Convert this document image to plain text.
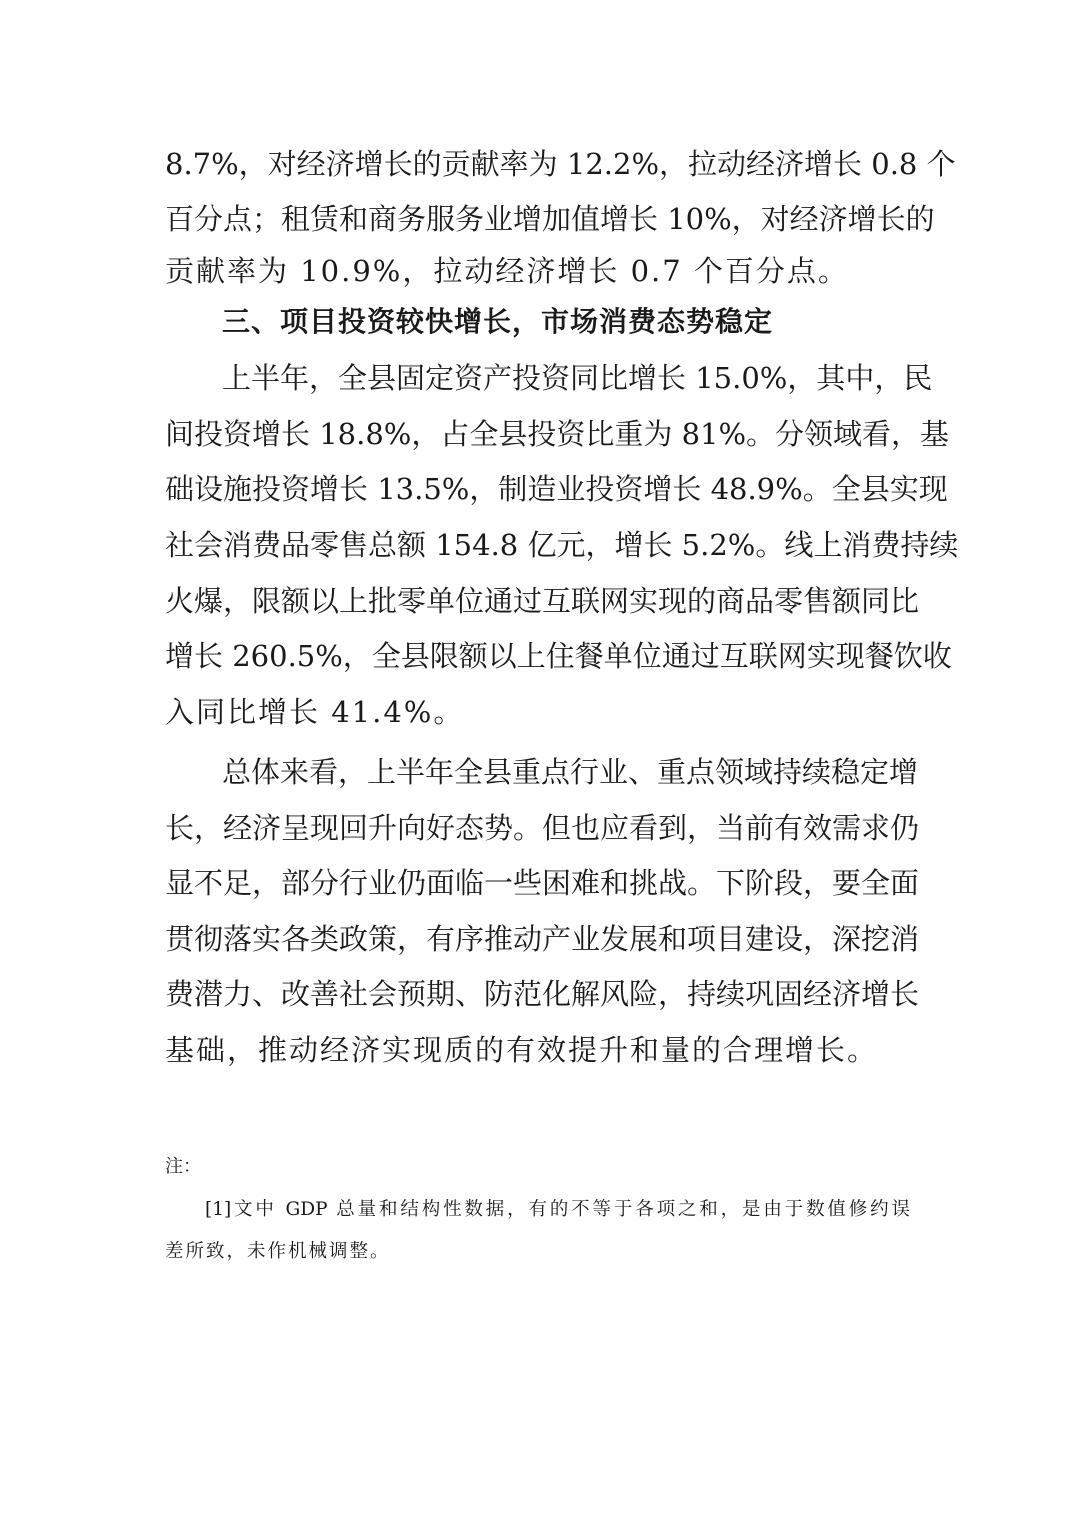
8.7%，对经济增长的贡献率为 12.2%，拉动经济增长 0.8 个
百分点；租赁和商务服务业增加值增长 10%，对经济增长的
贡献率为 10.9%，拉动经济增长 0.7 个百分点。
三、项目投资较快增长，市场消费态势稳定
上半年，全县固定资产投资同比增长 15.0%，其中，民
间投资增长 18.8%，占全县投资比重为 81%。分领域看，基
础设施投资增长 13.5%，制造业投资增长 48.9%。全县实现
社会消费品零售总额 154.8 亿元，增长 5.2%。线上消费持续
火爆，限额以上批零单位通过互联网实现的商品零售额同比
增长 260.5%，全县限额以上住餐单位通过互联网实现餐饮收
入同比增长 41.4%。
总体来看，上半年全县重点行业、重点领域持续稳定增
长，经济呈现回升向好态势。但也应看到，当前有效需求仍
显不足，部分行业仍面临一些困难和挑战。下阶段，要全面
贯彻落实各类政策，有序推动产业发展和项目建设，深挖消
费潜力、改善社会预期、防范化解风险，持续巩固经济增长
基础，推动经济实现质的有效提升和量的合理增长。
注：
[1]文中 GDP 总量和结构性数据，有的不等于各项之和，是由于数值修约误
差所致，未作机械调整。
